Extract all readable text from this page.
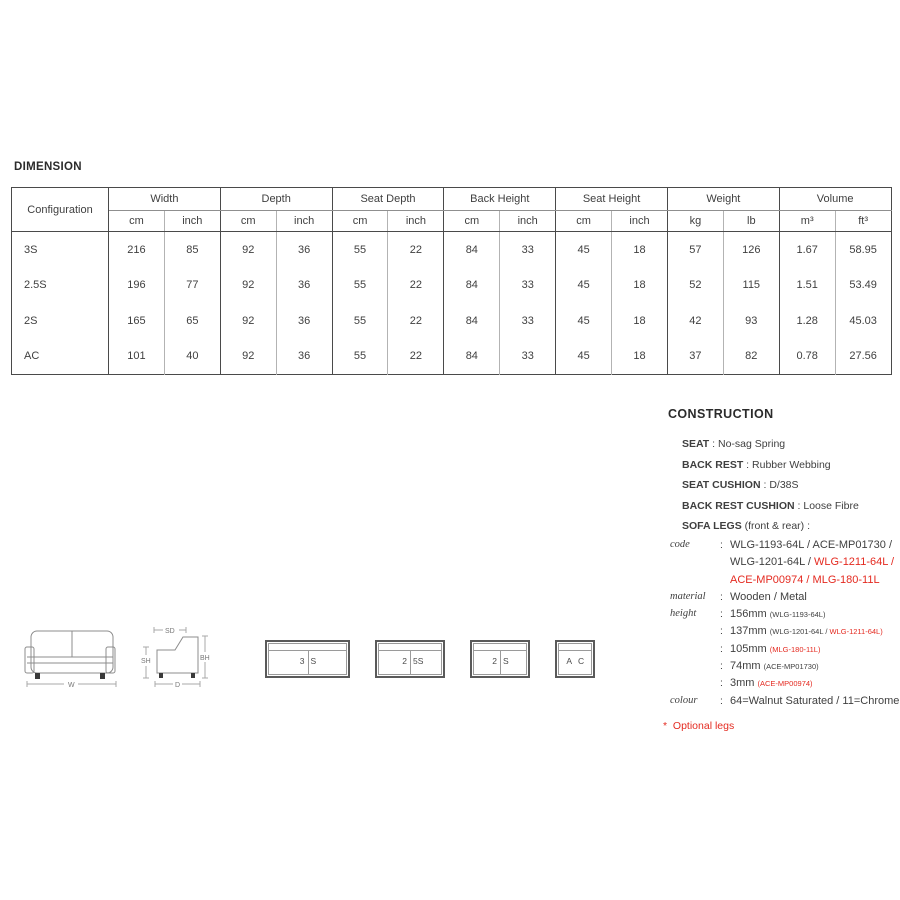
DIMENSION
Configuration	Width		Depth		Seat Depth		Back Height		Seat Height		Weight		Volume	
	cm	inch	cm	inch	cm	inch	cm	inch	cm	inch	kg	lb	m³	ft³
3S	216	85	92	36	55	22	84	33	45	18	57	126	1.67	58.95
2.5S	196	77	92	36	55	22	84	33	45	18	52	115	1.51	53.49
2S	165	65	92	36	55	22	84	33	45	18	42	93	1.28	45.03
AC	101	40	92	36	55	22	84	33	45	18	37	82	0.78	27.56
CONSTRUCTION
SEAT : No-sag Spring
BACK REST : Rubber Webbing
SEAT CUSHION : D/38S
BACK REST CUSHION : Loose Fibre
SOFA LEGS (front & rear) :
code	: WLG-1193-64L / ACE-MP01730 /
WLG-1201-64L / WLG-1211-64L /
ACE-MP00974 / MLG-180-11L
material	: Wooden / Metal
height	: 156mm (WLG-1193-64L)
: 137mm (WLG-1201-64L / WLG-1211-64L)
: 105mm (MLG-180-11L)
: 74mm (ACE-MP01730)
: 3mm (ACE-MP00974)
colour	: 64=Walnut Saturated / 11=Chrome
*  Optional legs
W
SD
BH
SH
D
3 S	2 5S	2 S	A C
